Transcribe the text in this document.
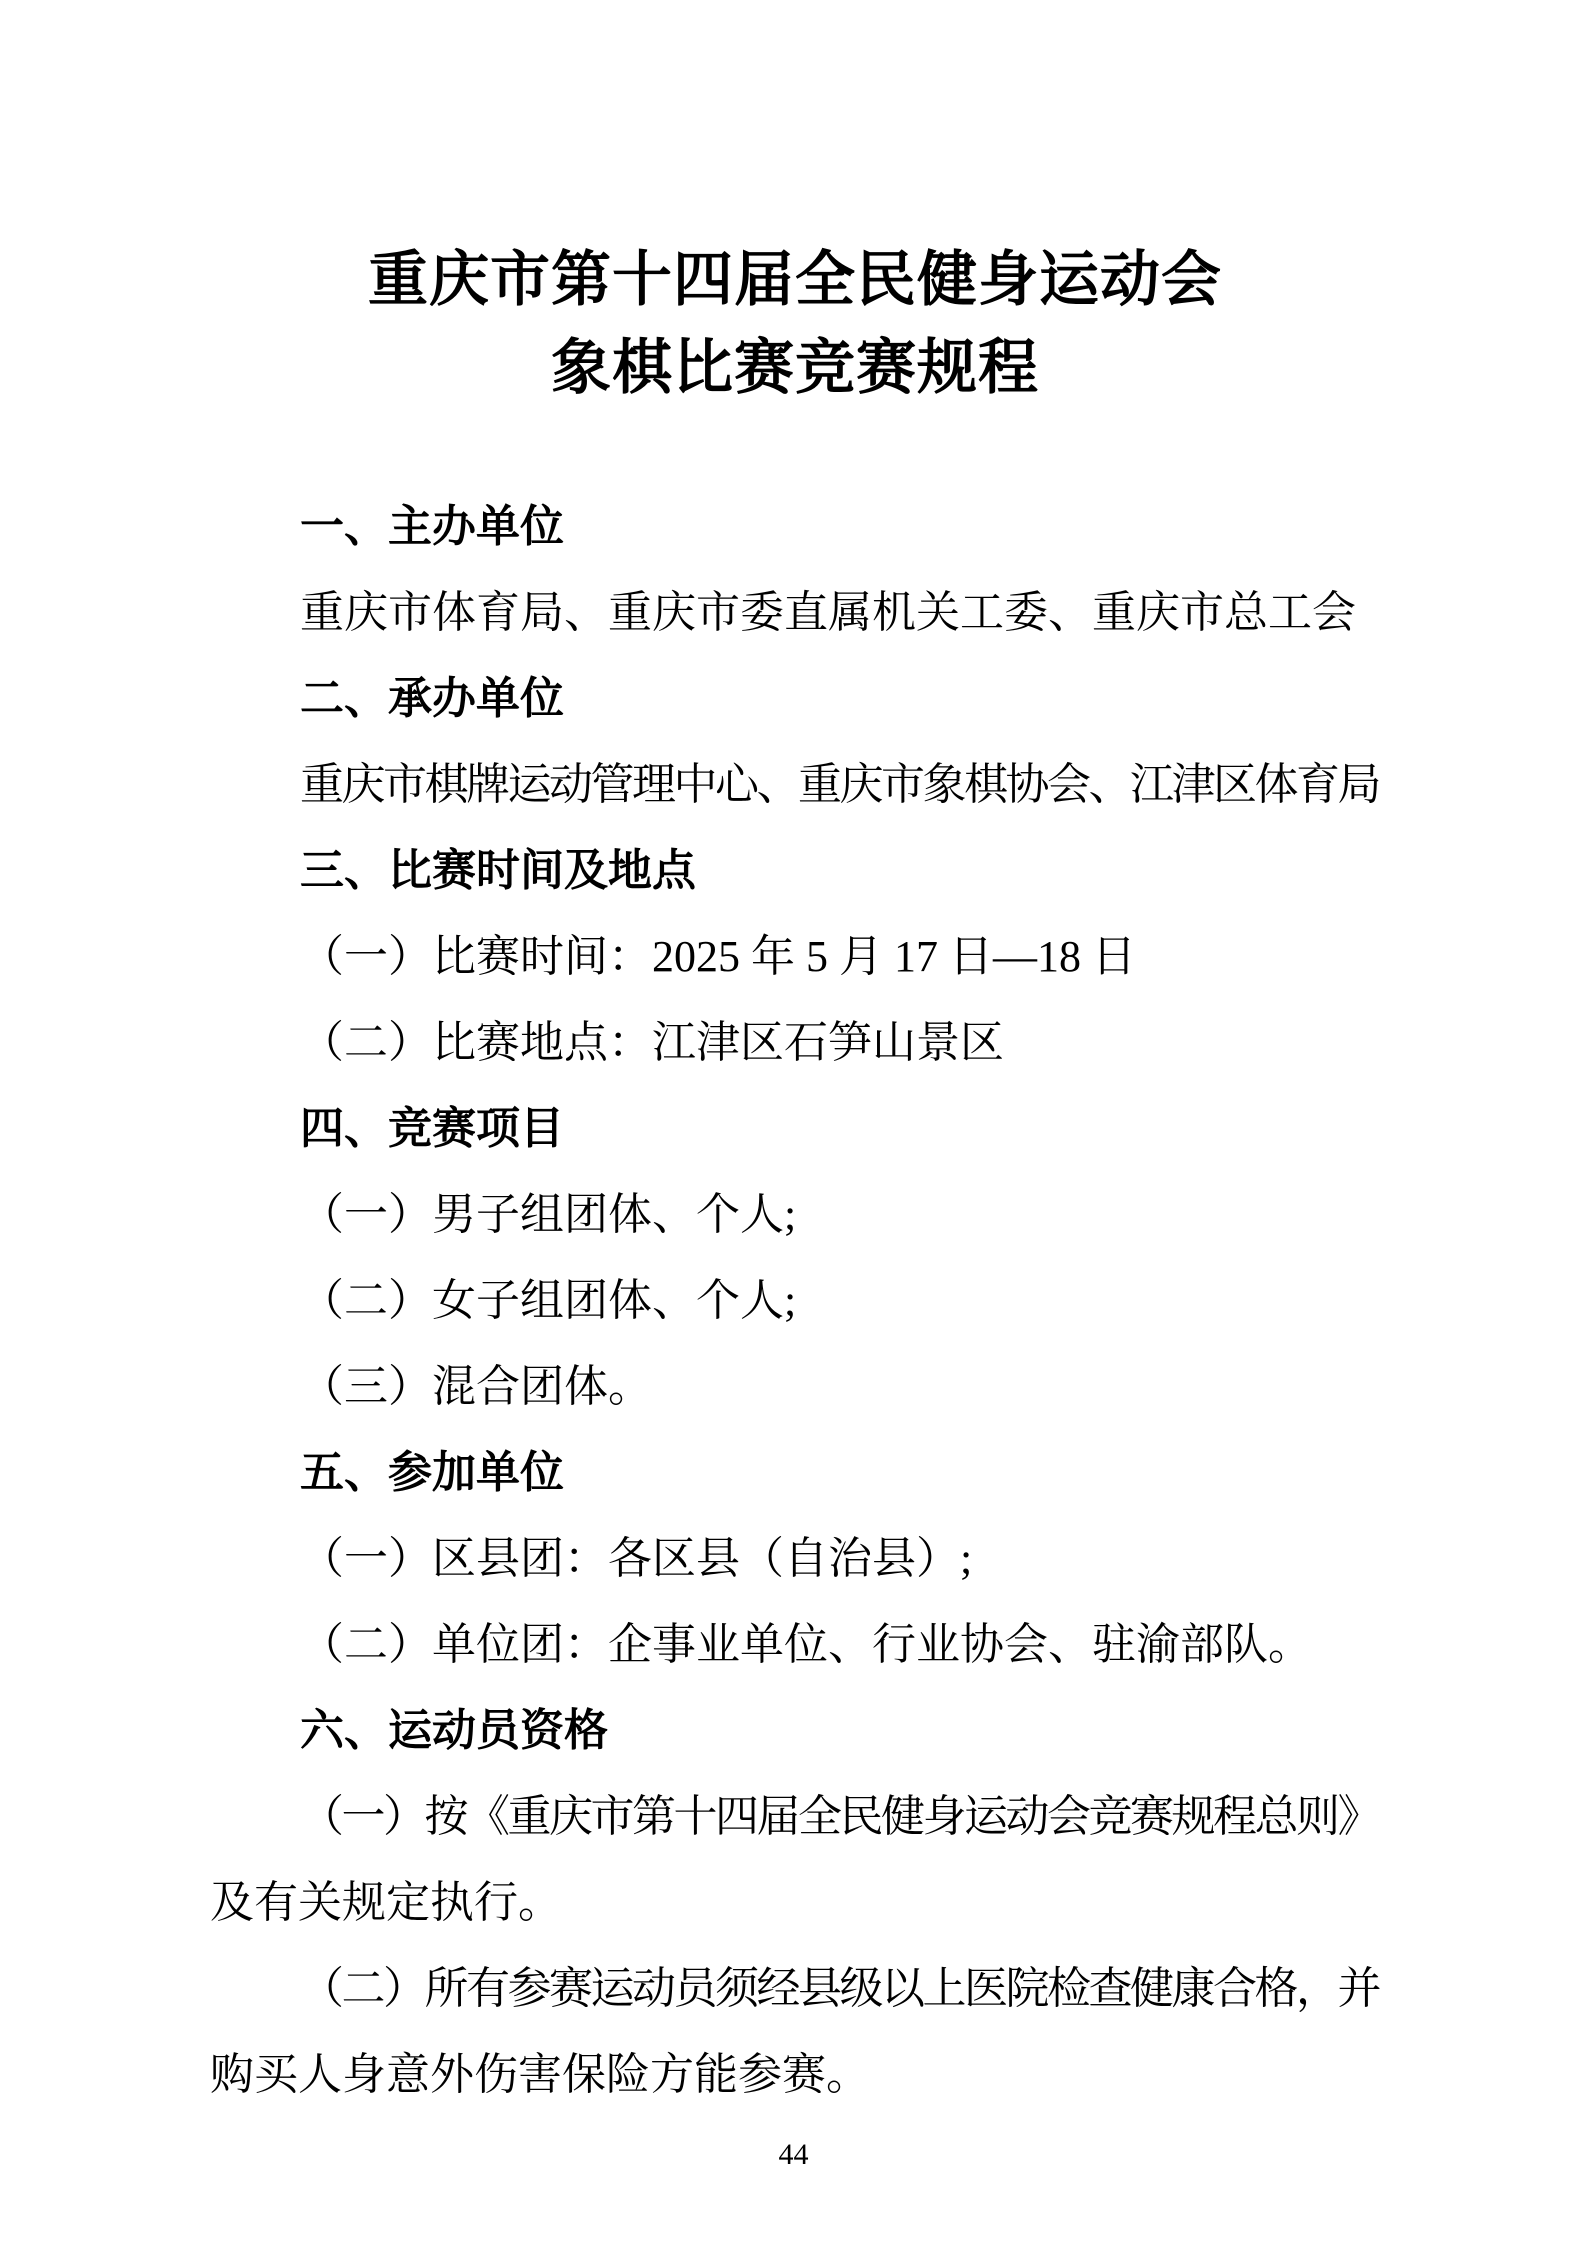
重庆市第十四届全民健身运动会
象棋比赛竞赛规程
一、主办单位
重庆市体育局、重庆市委直属机关工委、重庆市总工会
二、承办单位
重庆市棋牌运动管理中心、重庆市象棋协会、江津区体育局
三、比赛时间及地点
（一）比赛时间：2025 年 5 月 17 日—18 日
（二）比赛地点：江津区石笋山景区
四、竞赛项目
（一）男子组团体、个人;
（二）女子组团体、个人;
（三）混合团体。
五、参加单位
（一）区县团：各区县（自治县）;
（二）单位团：企事业单位、行业协会、驻渝部队。
六、运动员资格
（一）按《重庆市第十四届全民健身运动会竞赛规程总则》
及有关规定执行。
（二）所有参赛运动员须经县级以上医院检查健康合格，并
购买人身意外伤害保险方能参赛。
44
